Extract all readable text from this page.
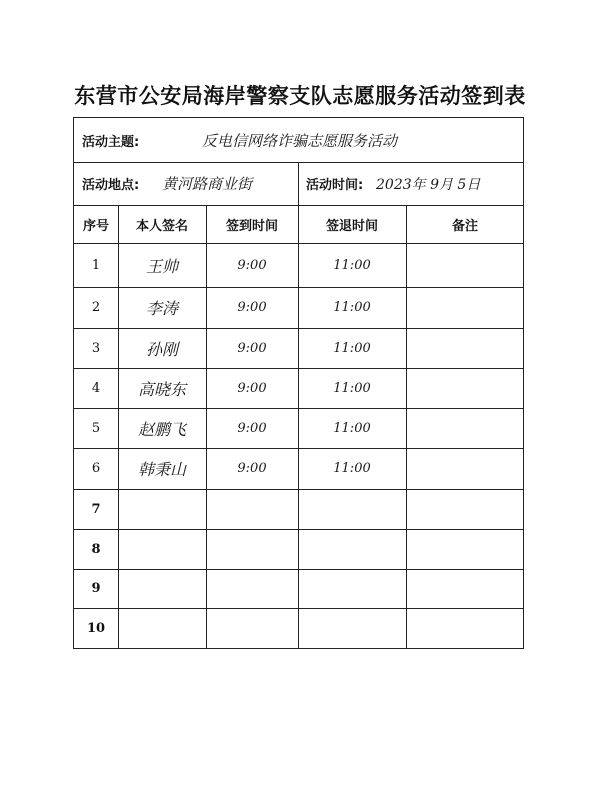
东营市公安局海岸警察支队志愿服务活动签到表
活动主题:	反电信网络诈骗志愿服务活动
活动地点: 黄河路商业街	活动时间: 2023年 9月 5日
序号	本人签名	签到时间	签退时间	备注
1	王帅	9:00	11:00
2	李涛	9:00	11:00
3	孙刚	9:00	11:00
4	高晓东	9:00	11:00
5	赵鹏飞	9:00	11:00
6	韩秉山	9:00	11:00
7
8
9
10
